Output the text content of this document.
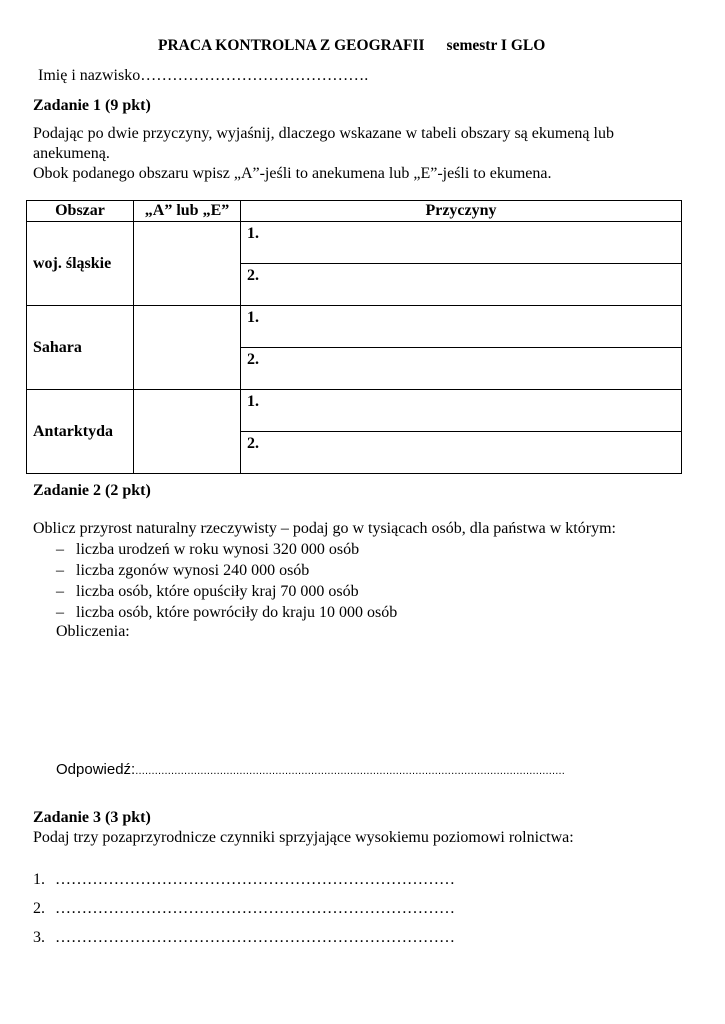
PRACA KONTROLNA Z GEOGRAFII semestr I GLO
Imię i nazwisko…………………………………….
Zadanie 1 (9 pkt)
Podając po dwie przyczyny, wyjaśnij, dlaczego wskazane w tabeli obszary są ekumeną lub
anekumeną.
Obok podanego obszaru wpisz „A”-jeśli to anekumena lub „E”-jeśli to ekumena.
Obszar	„A” lub „E”	Przyczyny
woj. śląskie		1.
		2.
Sahara		1.
		2.
Antarktyda		1.
		2.
Zadanie 2 (2 pkt)
Oblicz przyrost naturalny rzeczywisty – podaj go w tysiącach osób, dla państwa w którym:
– liczba urodzeń w roku wynosi 320 000 osób
– liczba zgonów wynosi 240 000 osób
– liczba osób, które opuściły kraj 70 000 osób
– liczba osób, które powróciły do kraju 10 000 osób
Obliczenia:
Odpowiedź:....................................................................................................................................
Zadanie 3 (3 pkt)
Podaj trzy pozaprzyrodnicze czynniki sprzyjające wysokiemu poziomowi rolnictwa:
1. …………………………………………………………………
2. …………………………………………………………………
3. …………………………………………………………………
